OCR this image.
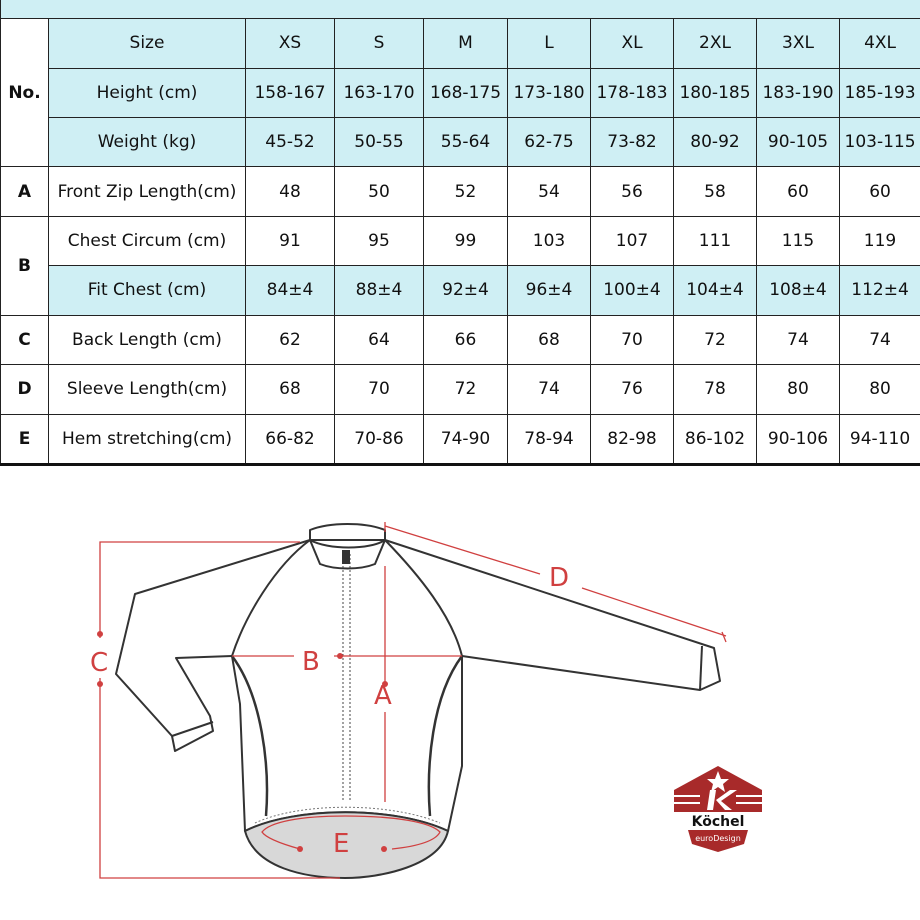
No.	Size	XS	S	M	L	XL	2XL	3XL	4XL
	Height (cm)	158-167	163-170	168-175	173-180	178-183	180-185	183-190	185-193
	Weight (kg)	45-52	50-55	55-64	62-75	73-82	80-92	90-105	103-115
A	Front Zip Length(cm)	48	50	52	54	56	58	60	60
B	Chest Circum (cm)	91	95	99	103	107	111	115	119
	Fit Chest (cm)	84±4	88±4	92±4	96±4	100±4	104±4	108±4	112±4
C	Back Length (cm)	62	64	66	68	70	72	74	74
D	Sleeve Length(cm)	68	70	72	74	76	78	80	80
E	Hem stretching(cm)	66-82	70-86	74-90	78-94	82-98	86-102	90-106	94-110
C
D
B
A
E
Köchel
euroDesign
